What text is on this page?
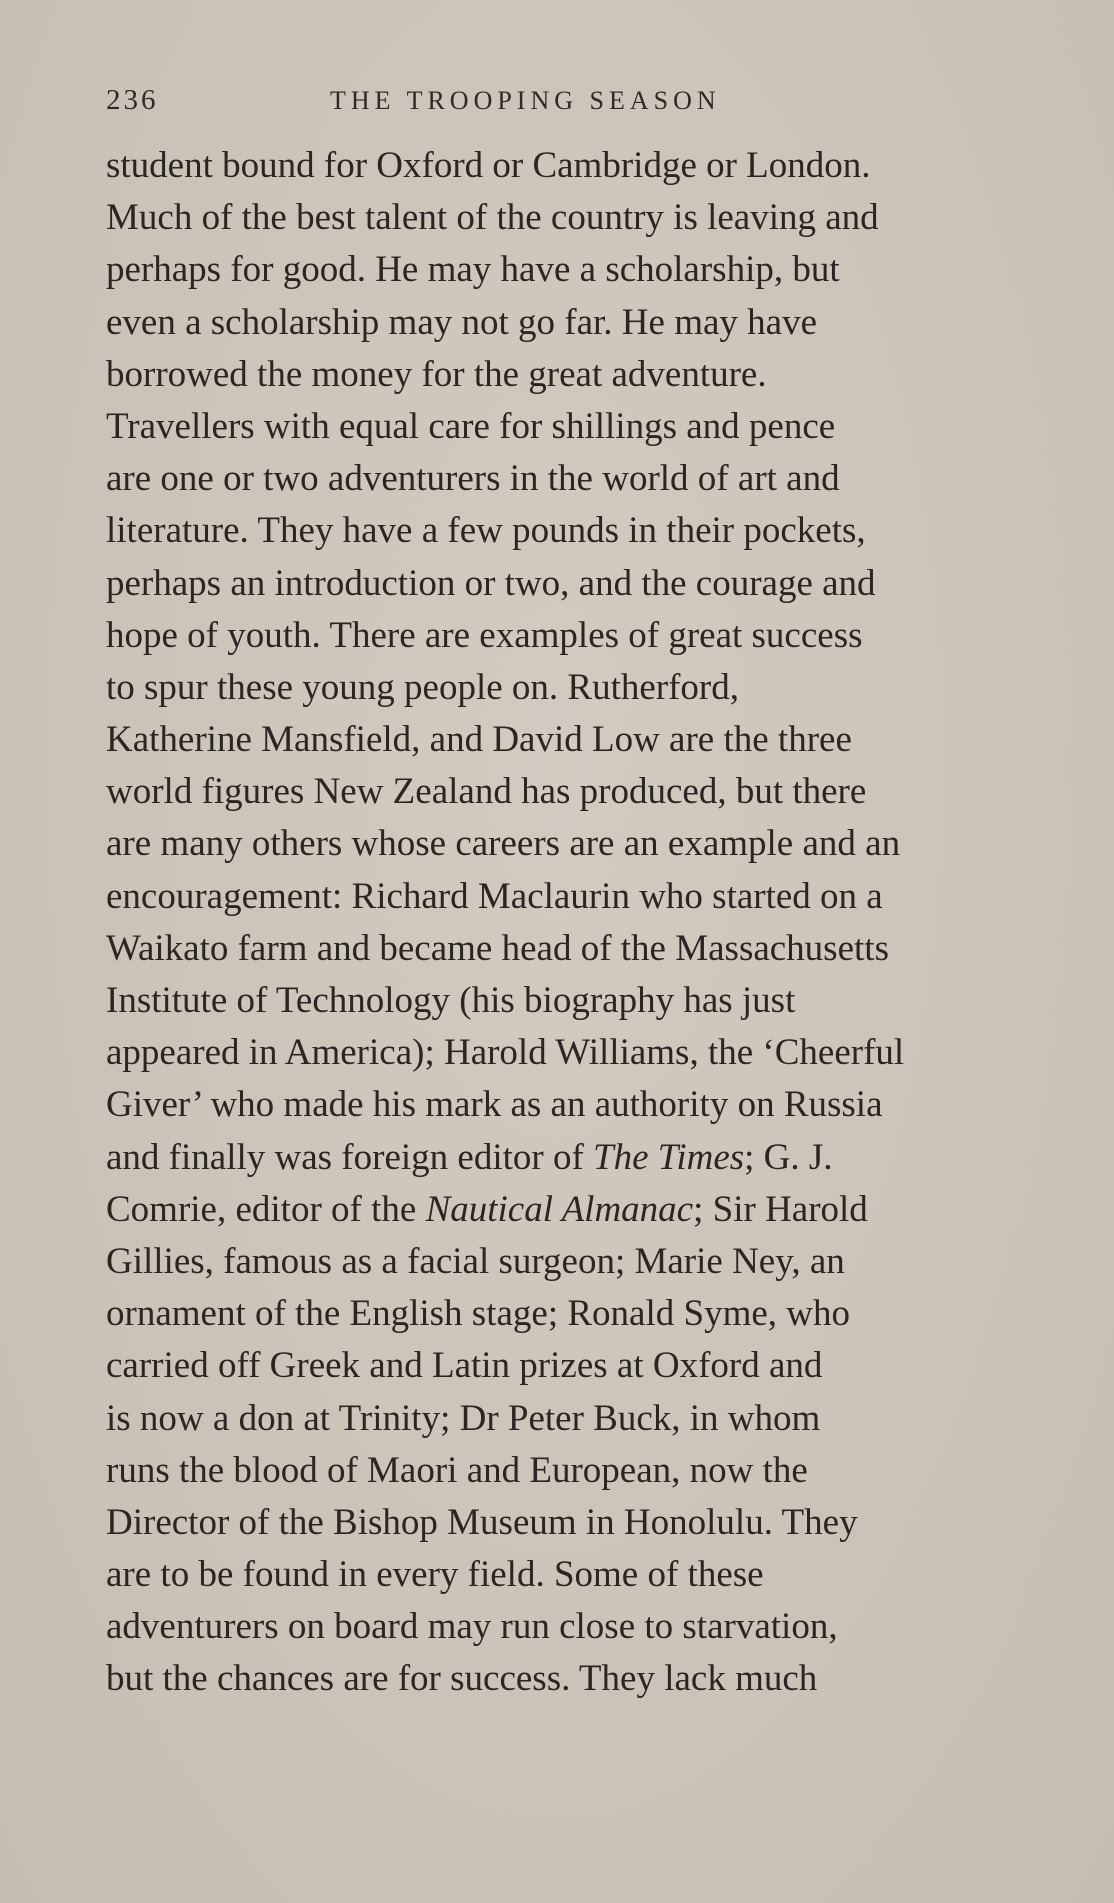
236	THE TROOPING SEASON
student bound for Oxford or Cambridge or London.
Much of the best talent of the country is leaving and
perhaps for good. He may have a scholarship, but
even a scholarship may not go far. He may have
borrowed the money for the great adventure.
Travellers with equal care for shillings and pence
are one or two adventurers in the world of art and
literature. They have a few pounds in their pockets,
perhaps an introduction or two, and the courage and
hope of youth. There are examples of great success
to spur these young people on. Rutherford,
Katherine Mansfield, and David Low are the three
world figures New Zealand has produced, but there
are many others whose careers are an example and an
encouragement: Richard Maclaurin who started on a
Waikato farm and became head of the Massachusetts
Institute of Technology (his biography has just
appeared in America); Harold Williams, the ‘Cheerful
Giver’ who made his mark as an authority on Russia
and finally was foreign editor of The Times; G. J.
Comrie, editor of the Nautical Almanac; Sir Harold
Gillies, famous as a facial surgeon; Marie Ney, an
ornament of the English stage; Ronald Syme, who
carried off Greek and Latin prizes at Oxford and
is now a don at Trinity; Dr Peter Buck, in whom
runs the blood of Maori and European, now the
Director of the Bishop Museum in Honolulu. They
are to be found in every field. Some of these
adventurers on board may run close to starvation,
but the chances are for success. They lack much
